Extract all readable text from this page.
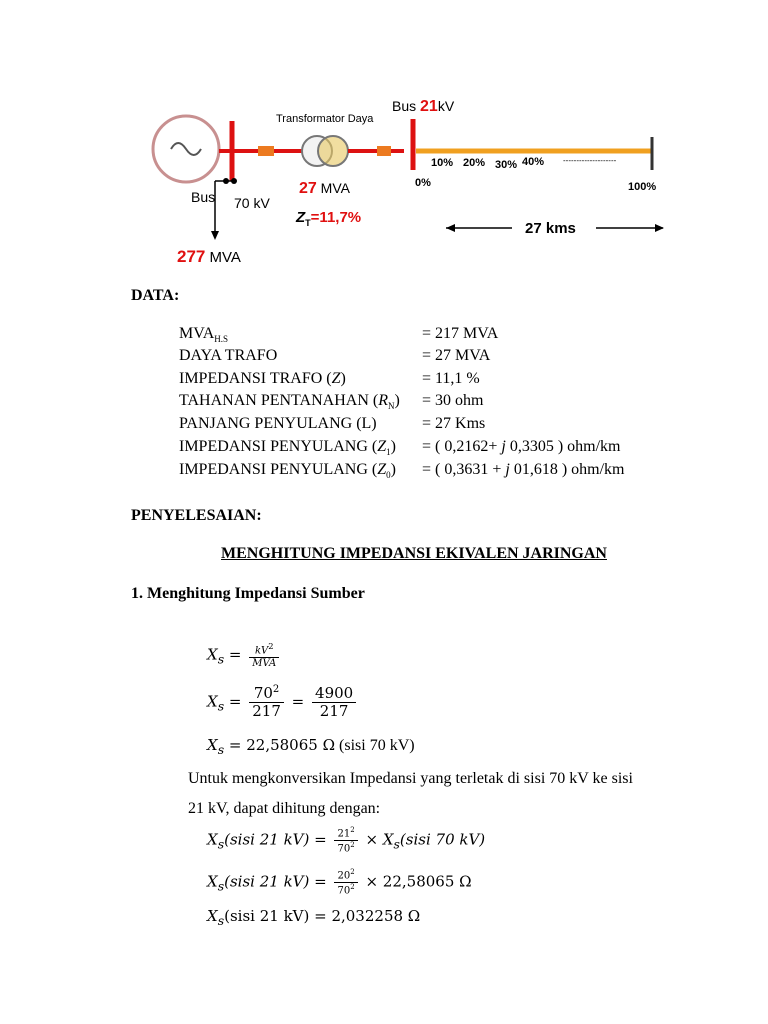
Transformator Daya
Bus 21kV
Bus 70 kV
277 MVA
27 MVA
$Z_T=11,7\%$
10% 20% 30% 40% --------------------
0%	100%
27 kms
DATA:
$MVA_{H.S}$	= 217 MVA
DAYA TRAFO	= 27 MVA
IMPEDANSI TRAFO (Z)	= 11,1 %
TAHANAN PENTANAHAN $(R_N) = 30$ ohm
PANJANG PENYULANG (L)	= 27 Kms
IMPEDANSI PENYULANG $(Z_1)$ = ( 0,2162+ j 0,3305 ) ohm/km
IMPEDANSI PENYULANG $(Z_0)$ = ( 0,3631 + j 01,618 ) ohm/km
PENYELESAIAN:
MENGHITUNG IMPEDANSI EKIVALEN JARINGAN
1. Menghitung Impedansi Sumber
$X_s = \frac{kV^2}{\text{MVA}}$
$X_s = \frac{70^2}{217} = \frac{4900}{217}$
$X_s = 22,58065$ Ω (sisi 70 kV)
Untuk mengkonversikan Impedansi yang terletak di sisi 70 kV ke sisi
21 kV, dapat dihitung dengan:
$X_s(sisi$ 21 $kV) = \frac{21^2}{70^2}$ × $X_s(sisi$ 70 kV)
$X_s(sisi$ 21 $kV) = \frac{20^2}{70^2} \times 22,58065$ Ω
$X_s(sisi$ 21 kV) = 2,032258 Ω
